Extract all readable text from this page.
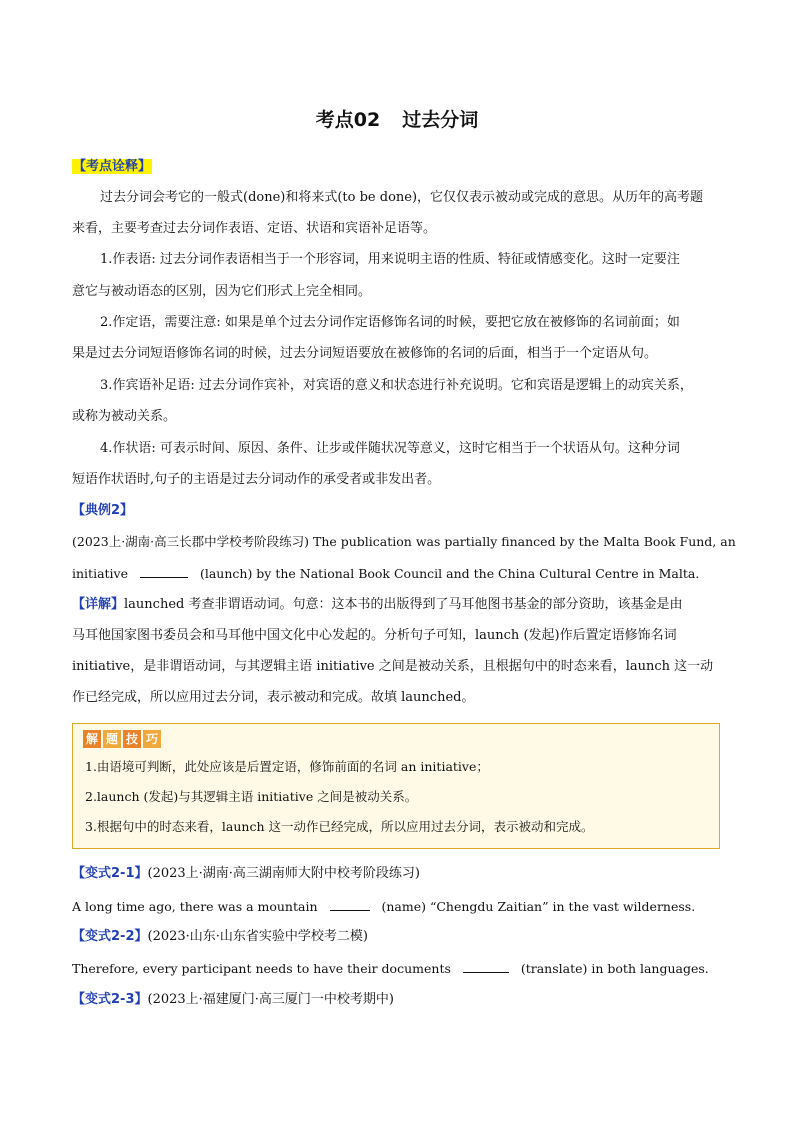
考点02 过去分词
【考点诠释】
过去分词会考它的一般式(done)和将来式(to be done)，它仅仅表示被动或完成的意思。从历年的高考题
来看，主要考查过去分词作表语、定语、状语和宾语补足语等。
1.作表语: 过去分词作表语相当于一个形容词，用来说明主语的性质、特征或情感变化。这时一定要注
意它与被动语态的区别，因为它们形式上完全相同。
2.作定语，需要注意: 如果是单个过去分词作定语修饰名词的时候，要把它放在被修饰的名词前面；如
果是过去分词短语修饰名词的时候，过去分词短语要放在被修饰的名词的后面，相当于一个定语从句。
3.作宾语补足语: 过去分词作宾补，对宾语的意义和状态进行补充说明。它和宾语是逻辑上的动宾关系，
或称为被动关系。
4.作状语: 可表示时间、原因、条件、让步或伴随状况等意义，这时它相当于一个状语从句。这种分词
短语作状语时,句子的主语是过去分词动作的承受者或非发出者。
【典例2】
(2023上·湖南·高三长郡中学校考阶段练习) The publication was partially financed by the Malta Book Fund, an
initiative	(launch) by the National Book Council and the China Cultural Centre in Malta.
【详解】launched 考查非谓语动词。句意：这本书的出版得到了马耳他图书基金的部分资助，该基金是由
马耳他国家图书委员会和马耳他中国文化中心发起的。分析句子可知，launch (发起)作后置定语修饰名词
initiative，是非谓语动词，与其逻辑主语 initiative 之间是被动关系，且根据句中的时态来看，launch 这一动
作已经完成，所以应用过去分词，表示被动和完成。故填 launched。
解 题 技 巧
1.由语境可判断，此处应该是后置定语，修饰前面的名词 an initiative；
2.launch (发起)与其逻辑主语 initiative 之间是被动关系。
3.根据句中的时态来看，launch 这一动作已经完成，所以应用过去分词，表示被动和完成。
【变式2-1】(2023上·湖南·高三湖南师大附中校考阶段练习)
A long time ago, there was a mountain	(name) “Chengdu Zaitian” in the vast wilderness.
【变式2-2】(2023·山东·山东省实验中学校考二模)
Therefore, every participant needs to have their documents	(translate) in both languages.
【变式2-3】(2023上·福建厦门·高三厦门一中校考期中)
